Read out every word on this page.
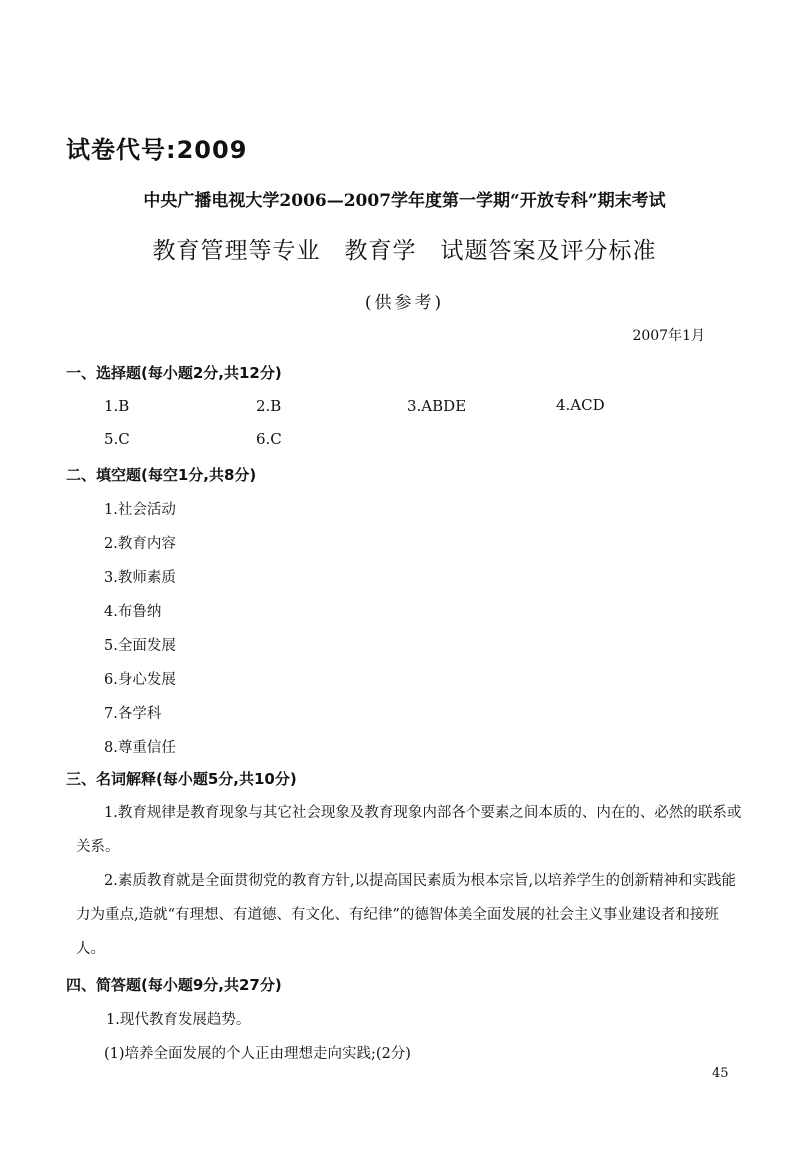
试卷代号:2009
中央广播电视大学2006—2007学年度第一学期“开放专科”期末考试
教育管理等专业　教育学　试题答案及评分标准
(供参考)
2007年1月
一、选择题(每小题2分,共12分)
1.B	2.B	3.ABDE	4.ACD
5.C	6.C
二、填空题(每空1分,共8分)
1.社会活动
2.教育内容
3.教师素质
4.布鲁纳
5.全面发展
6.身心发展
7.各学科
8.尊重信任
三、名词解释(每小题5分,共10分)
1.教育规律是教育现象与其它社会现象及教育现象内部各个要素之间本质的、内在的、必然的联系或关系。
2.素质教育就是全面贯彻党的教育方针,以提高国民素质为根本宗旨,以培养学生的创新精神和实践能力为重点,造就“有理想、有道德、有文化、有纪律”的德智体美全面发展的社会主义事业建设者和接班人。
四、简答题(每小题9分,共27分)
1.现代教育发展趋势。
(1)培养全面发展的个人正由理想走向实践;(2分)
45
